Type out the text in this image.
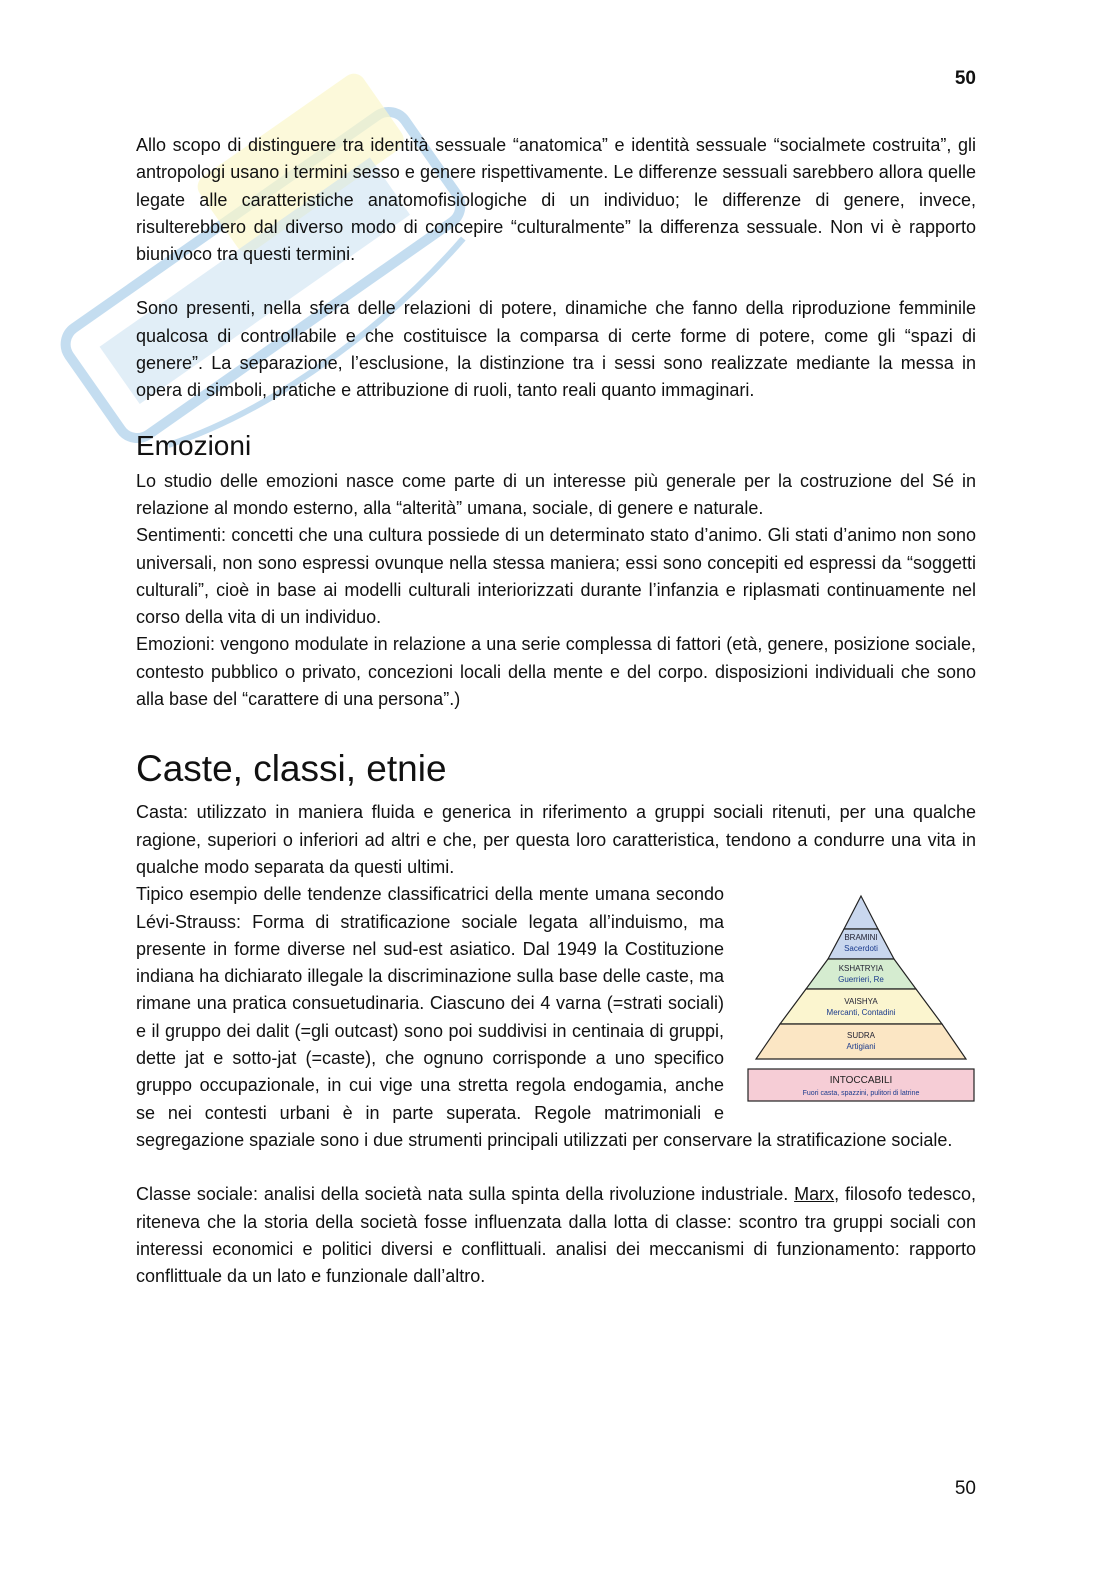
50

Allo scopo di distinguere tra identità sessuale “anatomica” e identità sessuale “socialmete costruita”, gli antropologi usano i termini sesso e genere rispettivamente. Le differenze sessuali sarebbero allora quelle legate alle caratteristiche anatomofisiologiche di un individuo; le differenze di genere, invece, risulterebbero dal diverso modo di concepire “culturalmente” la differenza sessuale. Non vi è rapporto biunivoco tra questi termini.

Sono presenti, nella sfera delle relazioni di potere, dinamiche che fanno della riproduzione femminile qualcosa di controllabile e che costituisce la comparsa di certe forme di potere, come gli “spazi di genere”. La separazione, l’esclusione, la distinzione tra i sessi sono realizzate mediante la messa in opera di simboli, pratiche e attribuzione di ruoli, tanto reali quanto immaginari.

Emozioni

Lo studio delle emozioni nasce come parte di un interesse più generale per la costruzione del Sé in relazione al mondo esterno, alla “alterità” umana, sociale, di genere e naturale.

Sentimenti: concetti che una cultura possiede di un determinato stato d’animo. Gli stati d’animo non sono universali, non sono espressi ovunque nella stessa maniera; essi sono concepiti ed espressi da “soggetti culturali”, cioè in base ai modelli culturali interiorizzati durante l’infanzia e riplasmati continuamente nel corso della vita di un individuo.

Emozioni: vengono modulate in relazione a una serie complessa di fattori (età, genere, posizione sociale, contesto pubblico o privato, concezioni locali della mente e del corpo. disposizioni individuali che sono alla base del “carattere di una persona”.)

Caste, classi, etnie

Casta: utilizzato in maniera fluida e generica in riferimento a gruppi sociali ritenuti, per una qualche ragione, superiori o inferiori ad altri e che, per questa loro caratteristica, tendono a condurre una vita in qualche modo separata da questi ultimi.

BRAMINI
Sacerdoti
KSHATRYIA
Guerrieri, Re
VAISHYA
Mercanti, Contadini
SUDRA
Artigiani
INTOCCABILI
Fuori casta, spazzini, pulitori di latrine
Tipico esempio delle tendenze classificatrici della mente umana secondo Lévi-Strauss: Forma di stratificazione sociale legata all’induismo, ma presente in forme diverse nel sud-est asiatico. Dal 1949 la Costituzione indiana ha dichiarato illegale la discriminazione sulla base delle caste, ma rimane una pratica consuetudinaria. Ciascuno dei 4 varna (=strati sociali) e il gruppo dei dalit (=gli outcast) sono poi suddivisi in centinaia di gruppi, dette jat e sotto-jat (=caste), che ognuno corrisponde a uno specifico gruppo occupazionale, in cui vige una stretta regola endogamia, anche se nei contesti urbani è in parte superata. Regole matrimoniali e segregazione spaziale sono i due strumenti principali utilizzati per conservare la stratificazione sociale.

Classe sociale: analisi della società nata sulla spinta della rivoluzione industriale. Marx, filosofo tedesco, riteneva che la storia della società fosse influenzata dalla lotta di classe: scontro tra gruppi sociali con interessi economici e politici diversi e conflittuali. analisi dei meccanismi di funzionamento: rapporto conflittuale da un lato e funzionale dall’altro.

50
